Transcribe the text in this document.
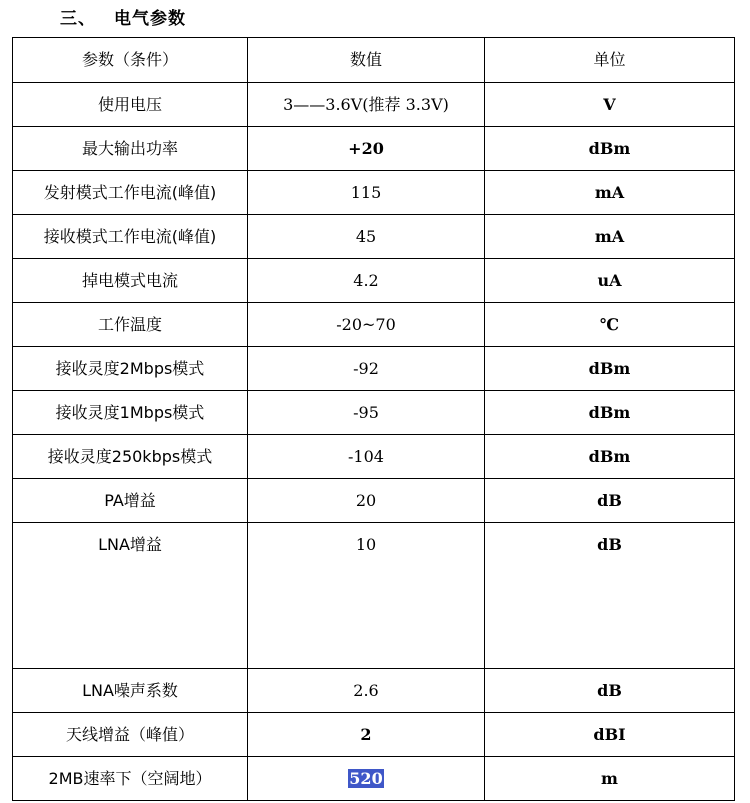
三、 电气参数
参数（条件）	数值	单位
使用电压	3——3.6V(推荐 3.3V)	V
最大输出功率	+20	dBm
发射模式工作电流(峰值)	115	mA
接收模式工作电流(峰值)	45	mA
掉电模式电流	4.2	uA
工作温度	-20~70	℃
接收灵度2Mbps模式	-92	dBm
接收灵度1Mbps模式	-95	dBm
接收灵度250kbps模式	-104	dBm
PA增益	20	dB
LNA增益	10	dB
LNA噪声系数	2.6	dB
天线增益（峰值）	2	dBI
2MB速率下（空阔地）	520	m
